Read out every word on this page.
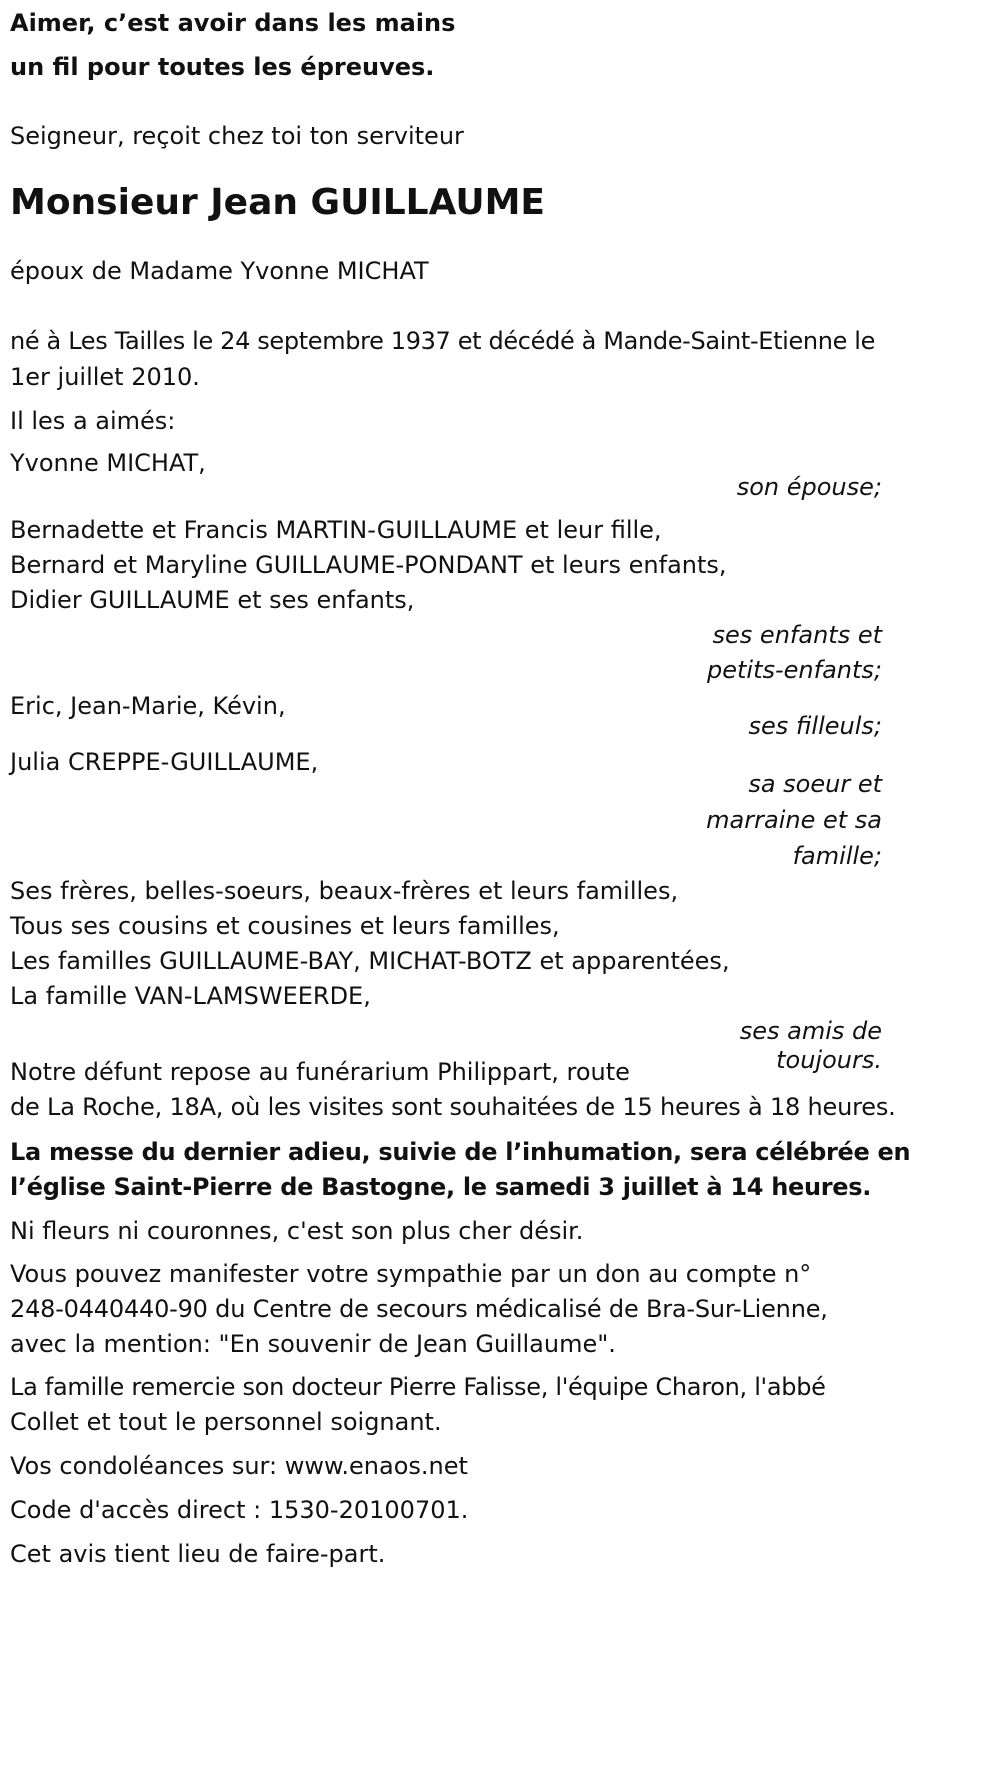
Aimer, c’est avoir dans les mains
un fil pour toutes les épreuves.
Seigneur, reçoit chez toi ton serviteur
Monsieur Jean GUILLAUME
époux de Madame Yvonne MICHAT
né à Les Tailles le 24 septembre 1937 et décédé à Mande-Saint-Etienne le
1er juillet 2010.
Il les a aimés:
Yvonne MICHAT,
son épouse;
Bernadette et Francis MARTIN-GUILLAUME et leur fille,
Bernard et Maryline GUILLAUME-PONDANT et leurs enfants,
Didier GUILLAUME et ses enfants,
ses enfants et
petits-enfants;
Eric, Jean-Marie, Kévin,
ses filleuls;
Julia CREPPE-GUILLAUME,
sa soeur et
marraine et sa
famille;
Ses frères, belles-soeurs, beaux-frères et leurs familles,
Tous ses cousins et cousines et leurs familles,
Les familles GUILLAUME-BAY, MICHAT-BOTZ et apparentées,
La famille VAN-LAMSWEERDE,
ses amis de
toujours.
Notre défunt repose au funérarium Philippart, route
de La Roche, 18A, où les visites sont souhaitées de 15 heures à 18 heures.
La messe du dernier adieu, suivie de l’inhumation, sera célébrée en
l’église Saint-Pierre de Bastogne, le samedi 3 juillet à 14 heures.
Ni fleurs ni couronnes, c'est son plus cher désir.
Vous pouvez manifester votre sympathie par un don au compte n°
248-0440440-90 du Centre de secours médicalisé de Bra-Sur-Lienne,
avec la mention: "En souvenir de Jean Guillaume".
La famille remercie son docteur Pierre Falisse, l'équipe Charon, l'abbé
Collet et tout le personnel soignant.
Vos condoléances sur: www.enaos.net
Code d'accès direct : 1530-20100701.
Cet avis tient lieu de faire-part.
